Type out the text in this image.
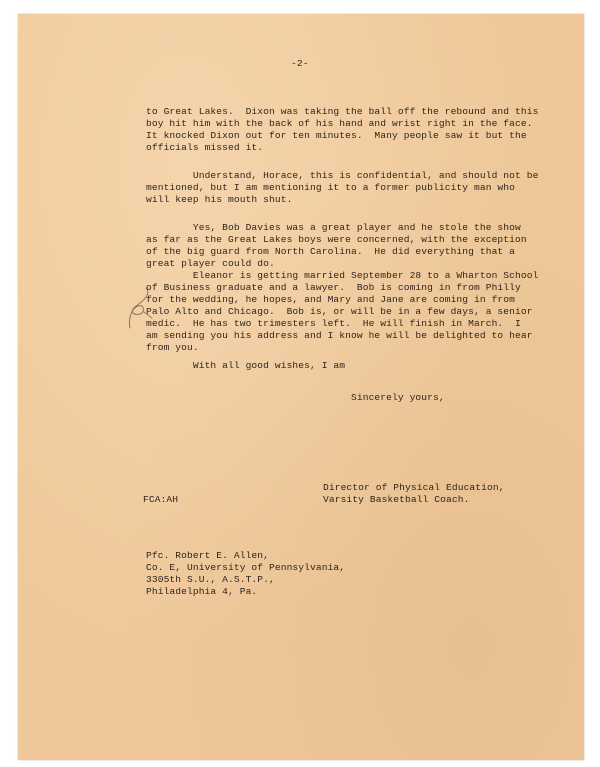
-2-
to Great Lakes.  Dixon was taking the ball off the rebound and this
boy hit him with the back of his hand and wrist right in the face.
It knocked Dixon out for ten minutes.  Many people saw it but the
officials missed it.
Understand, Horace, this is confidential, and should not be
mentioned, but I am mentioning it to a former publicity man who
will keep his mouth shut.
Yes, Bob Davies was a great player and he stole the show
as far as the Great Lakes boys were concerned, with the exception
of the big guard from North Carolina.  He did everything that a
great player could do.
Eleanor is getting married September 28 to a Wharton School
of Business graduate and a lawyer.  Bob is coming in from Philly
for the wedding, he hopes, and Mary and Jane are coming in from
Palo Alto and Chicago.  Bob is, or will be in a few days, a senior
medic.  He has two trimesters left.  He will finish in March.  I
am sending you his address and I know he will be delighted to hear
from you.
With all good wishes, I am
Sincerely yours,
Director of Physical Education,
Varsity Basketball Coach.
FCA:AH
Pfc. Robert E. Allen,
Co. E, University of Pennsylvania,
3305th S.U., A.S.T.P.,
Philadelphia 4, Pa.
